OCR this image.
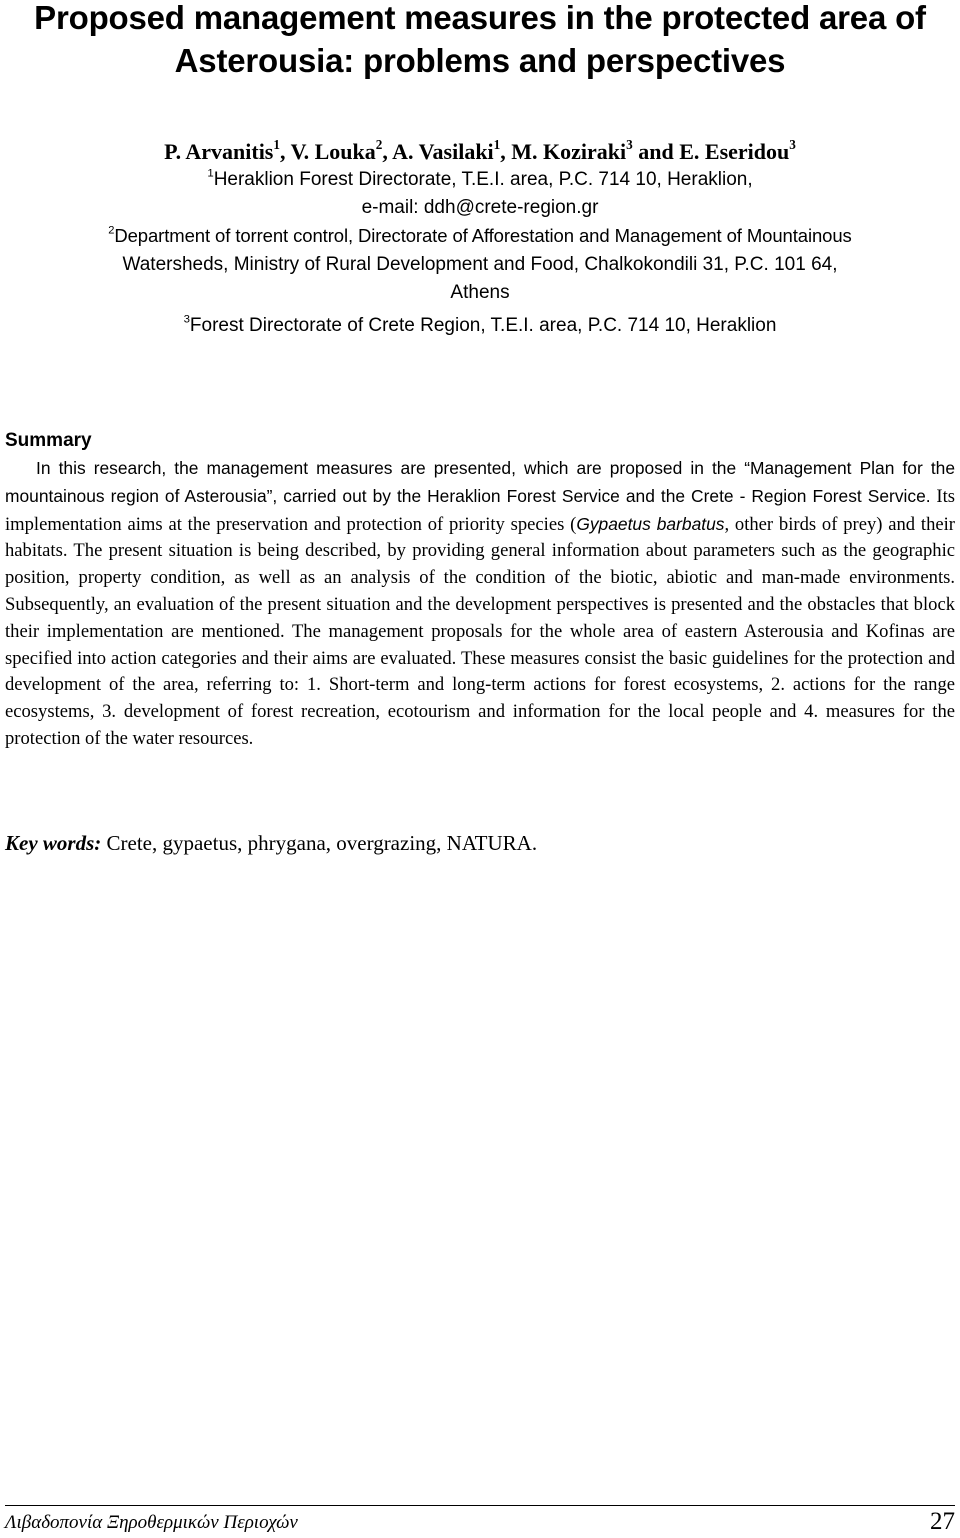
Proposed management measures in the protected area of
Asterousia: problems and perspectives
P. Arvanitis$^1$, V. Louka$^2$, A. Vasilaki$^1$, M. Koziraki$^3$ and E. Eseridou$^3$
$^1$Heraklion Forest Directorate, T.E.I. area, P.C. 714 10, Heraklion,
e-mail: ddh@crete-region.gr
$^2$Department of torrent control, Directorate of Afforestation and Management of Mountainous
Watersheds, Ministry of Rural Development and Food, Chalkokondili 31, P.C. 101 64,
Athens
$^3$Forest Directorate of Crete Region, T.E.I. area, P.C. 714 10, Heraklion
Summary

In this research, the management measures are presented, which are proposed in the “Management Plan for the mountainous region of Asterousia”, carried out by the Heraklion Forest Service and the Crete - Region Forest Service. Its implementation aims at the preservation and protection of priority species (Gypaetus barbatus, other birds of prey) and their habitats. The present situation is being described, by providing general information about parameters such as the geographic position, property condition, as well as an analysis of the condition of the biotic, abiotic and man-made environments. Subsequently, an evaluation of the present situation and the development perspectives is presented and the obstacles that block their implementation are mentioned. The management proposals for the whole area of eastern Asterousia and Kofinas are specified into action categories and their aims are evaluated. These measures consist the basic guidelines for the protection and development of the area, referring to: 1. Short-term and long-term actions for forest ecosystems, 2. actions for the range ecosystems, 3. development of forest recreation, ecotourism and information for the local people and 4. measures for the protection of the water resources.

Key words: Crete, gypaetus, phrygana, overgrazing, NATURA.

Λιβαδοπονία Ξηροθερμικών Περιοχών	27
